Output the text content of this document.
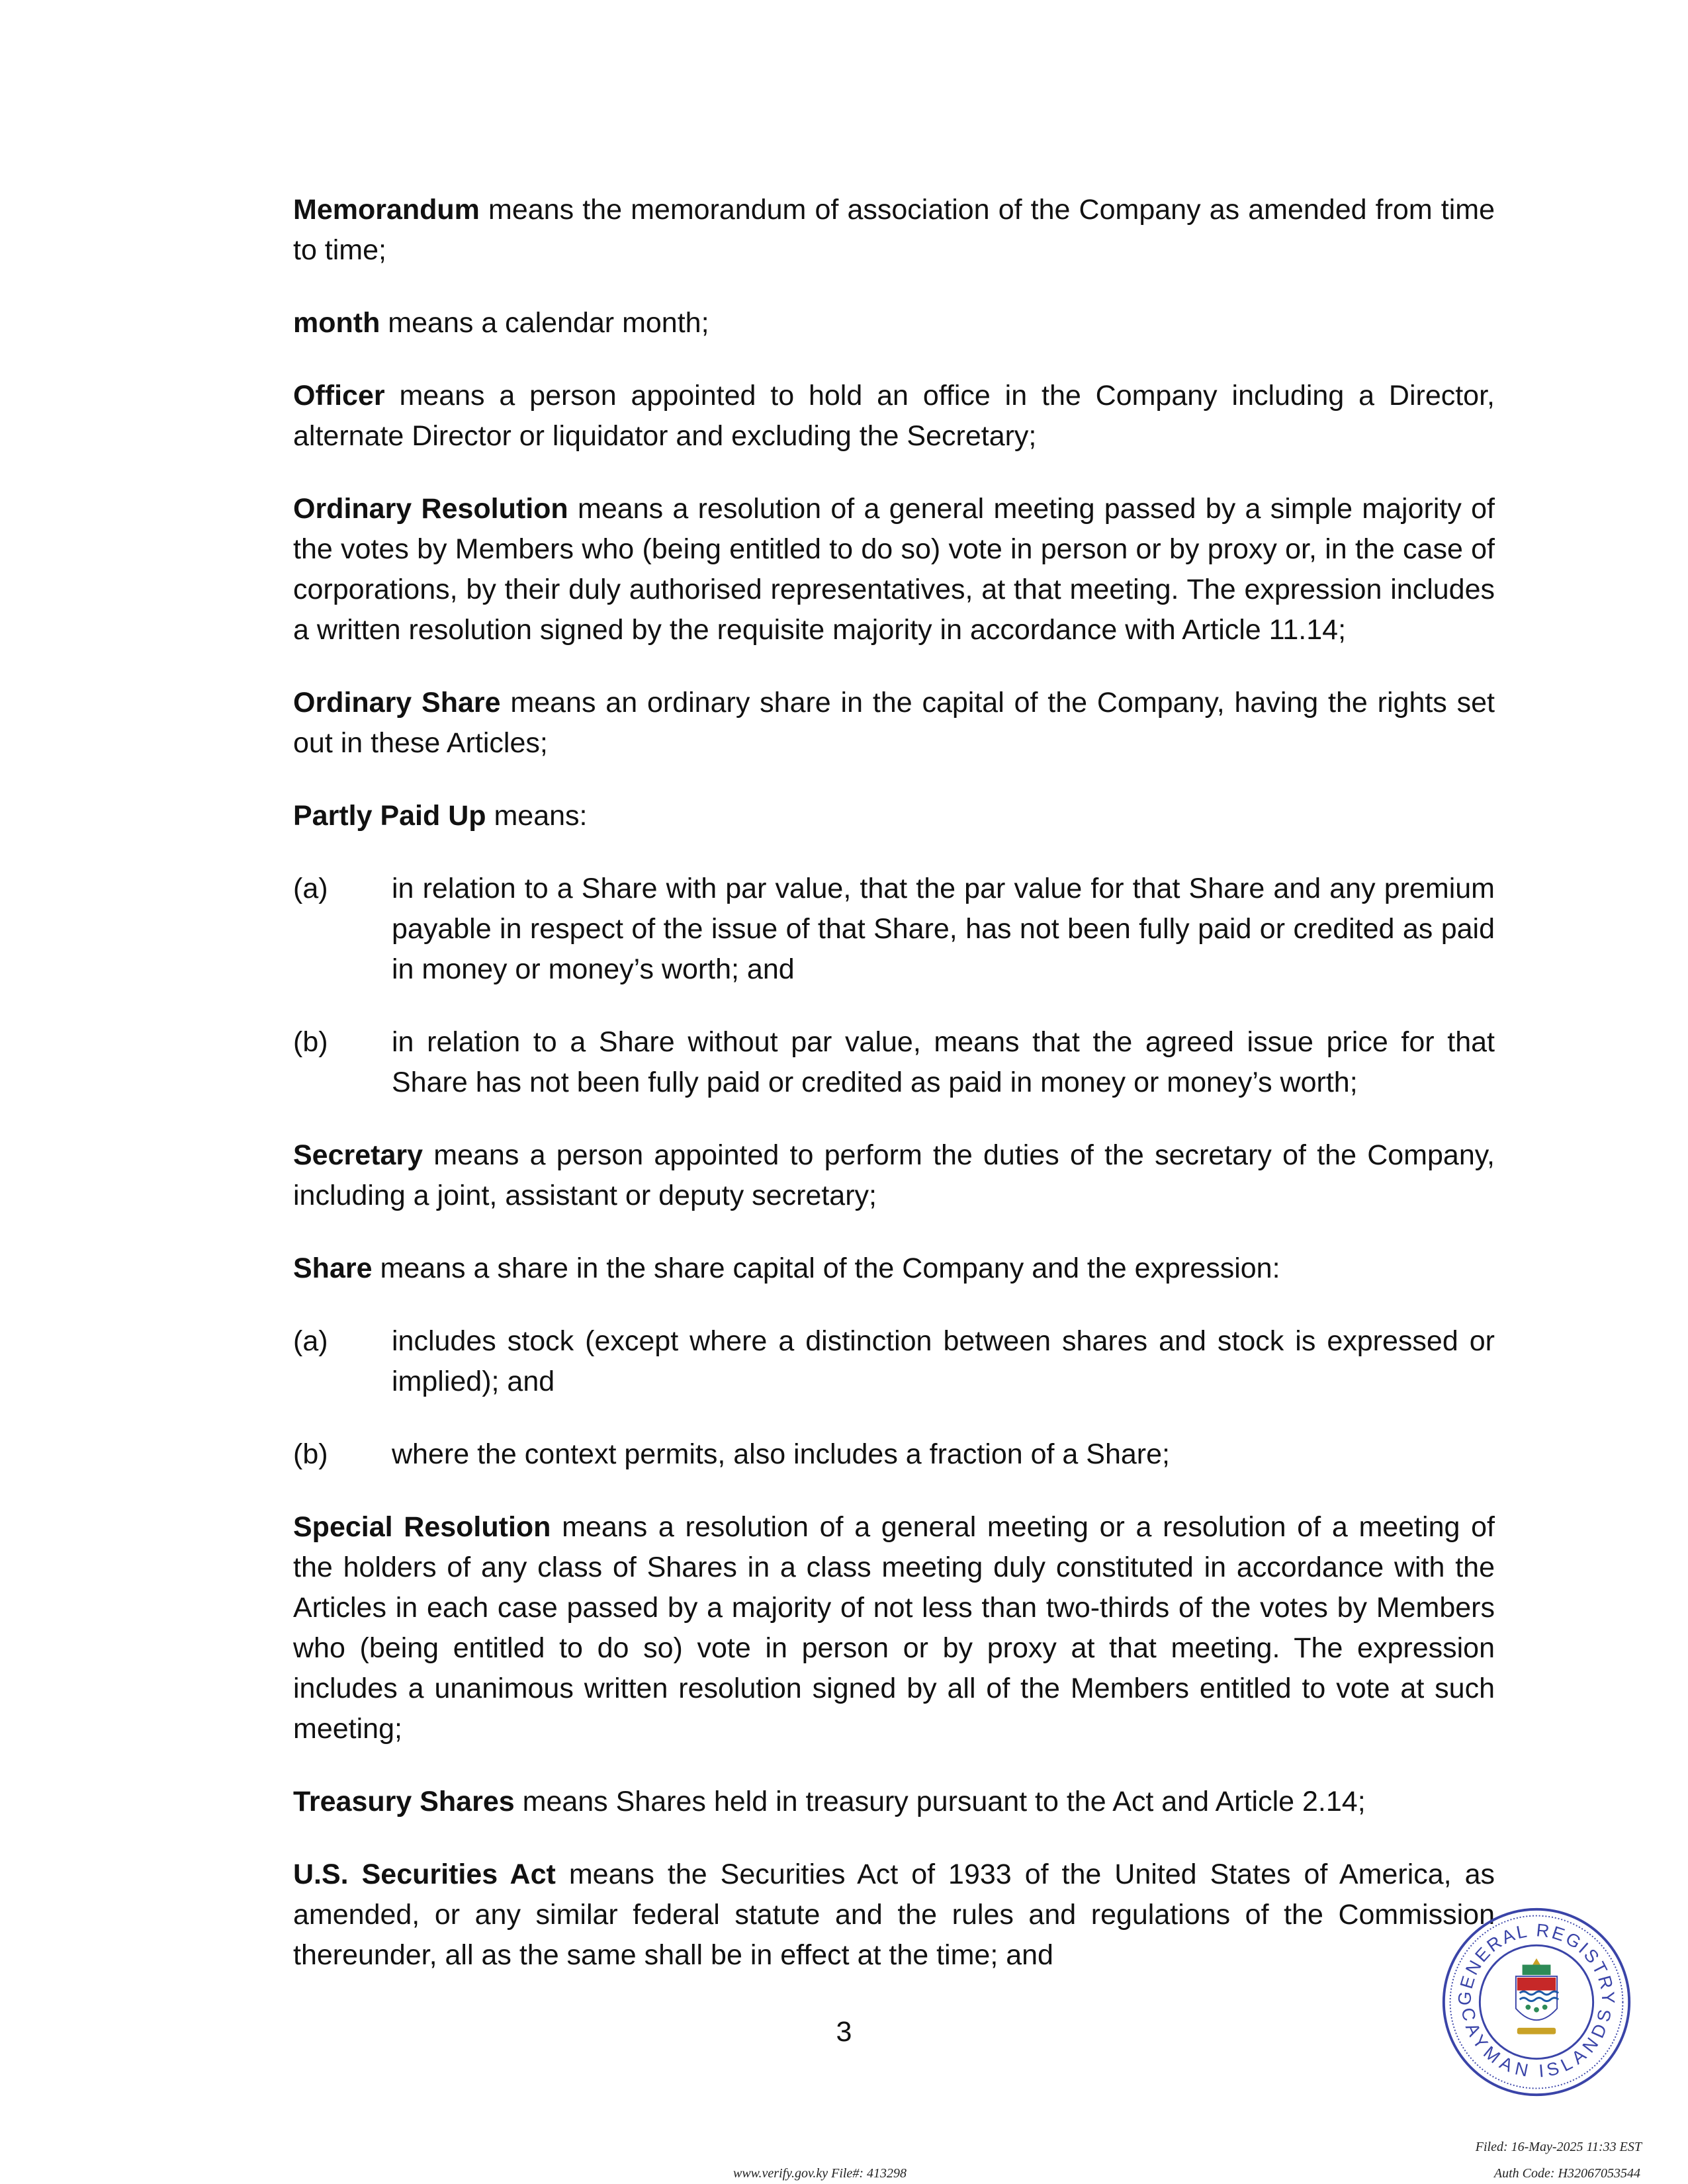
Memorandum means the memorandum of association of the Company as amended from time to time;

month means a calendar month;

Officer means a person appointed to hold an office in the Company including a Director, alternate Director or liquidator and excluding the Secretary;

Ordinary Resolution means a resolution of a general meeting passed by a simple majority of the votes by Members who (being entitled to do so) vote in person or by proxy or, in the case of corporations, by their duly authorised representatives, at that meeting. The expression includes a written resolution signed by the requisite majority in accordance with Article 11.14;

Ordinary Share means an ordinary share in the capital of the Company, having the rights set out in these Articles;

Partly Paid Up means:

(a) in relation to a Share with par value, that the par value for that Share and any premium payable in respect of the issue of that Share, has not been fully paid or credited as paid in money or money’s worth; and
(b) in relation to a Share without par value, means that the agreed issue price for that Share has not been fully paid or credited as paid in money or money’s worth;

Secretary means a person appointed to perform the duties of the secretary of the Company, including a joint, assistant or deputy secretary;

Share means a share in the share capital of the Company and the expression:

(a) includes stock (except where a distinction between shares and stock is expressed or implied); and
(b) where the context permits, also includes a fraction of a Share;

Special Resolution means a resolution of a general meeting or a resolution of a meeting of the holders of any class of Shares in a class meeting duly constituted in accordance with the Articles in each case passed by a majority of not less than two-thirds of the votes by Members who (being entitled to do so) vote in person or by proxy at that meeting. The expression includes a unanimous written resolution signed by all of the Members entitled to vote at such meeting;

Treasury Shares means Shares held in treasury pursuant to the Act and Article 2.14;

U.S. Securities Act means the Securities Act of 1933 of the United States of America, as amended, or any similar federal statute and the rules and regulations of the Commission thereunder, all as the same shall be in effect at the time; and

3
GENERAL REGISTRY
CAYMAN ISLANDS
Filed: 16-May-2025 11:33 EST
www.verify.gov.ky File#: 413298	Auth Code: H32067053544
